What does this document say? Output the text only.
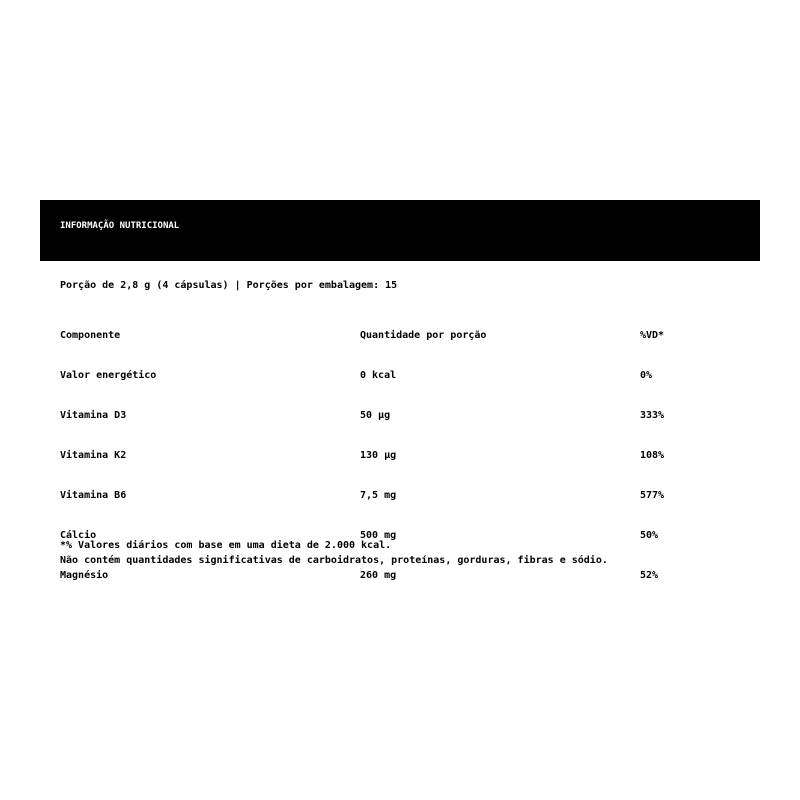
INFORMAÇÃO NUTRICIONAL
Porção de 2,8 g (4 cápsulas) | Porções por embalagem: 15
Componente	Quantidade por porção	%VD*
Valor energético	0 kcal	0%
Vitamina D3	50 µg	333%
Vitamina K2	130 µg	108%
Vitamina B6	7,5 mg	577%
Cálcio	500 mg	50%
*% Valores diários com base em uma dieta de 2.000 kcal.
Não contém quantidades significativas de carboidratos, proteínas, gorduras, fibras e sódio.
Magnésio	260 mg	52%
